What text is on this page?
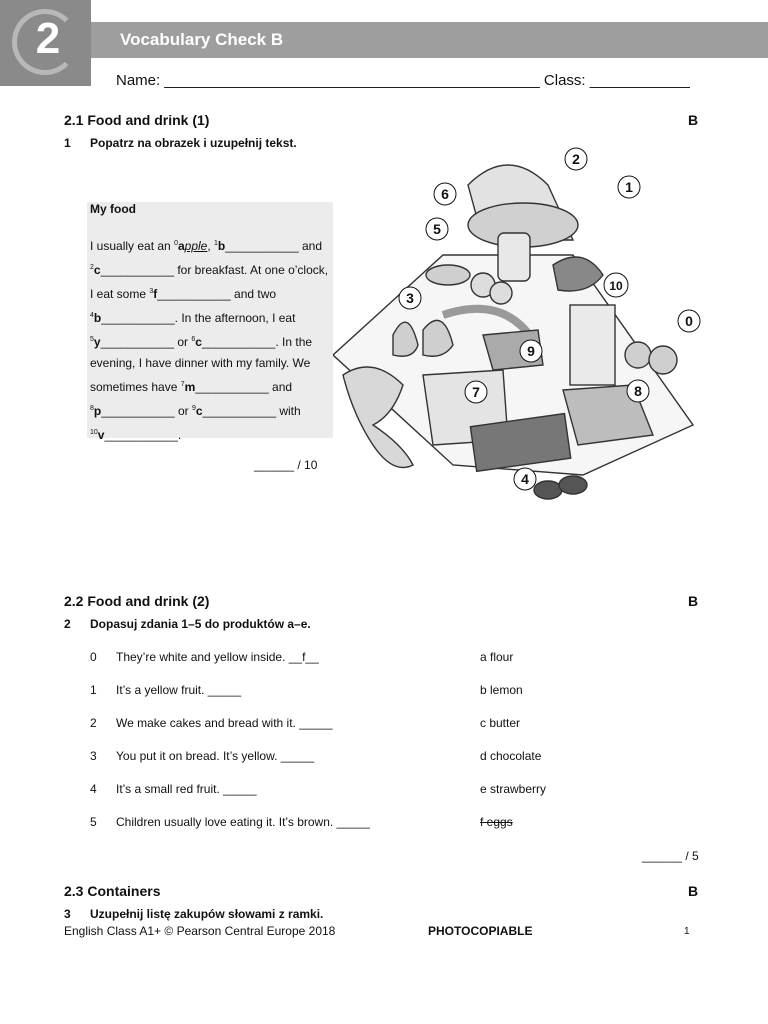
2	Vocabulary Check B
Name: _____________________________________________ Class: ____________
2.1 Food and drink (1)	B
1 Popatrz na obrazek i uzupełnij tekst.
My food
I usually eat an $^0$apple, $^1$b___________ and $^2$c___________ for breakfast. At one o’clock, I eat some $^3$f___________ and two $^4$b___________. In the afternoon, I eat $^5$y___________ or $^6$c___________. In the evening, I have dinner with my family. We sometimes have $^7$m___________ and $^8$p___________ or $^9$c___________ with $^{10}$v___________.
______ / 10
0
1
2
3
4
5
6
7	8
9
10
2.2 Food and drink (2)	B
2 Dopasuj zdania 1–5 do produktów a–e.
0 They’re white and yellow inside. __f__	a flour
1 It’s a yellow fruit. _____	b lemon
2 We make cakes and bread with it. _____	c butter
3 You put it on bread. It’s yellow. _____	d chocolate
4 It’s a small red fruit. _____	e strawberry
5 Children usually love eating it. It’s brown. _____	f eggs
______ / 5
2.3 Containers	B
3 Uzupełnij listę zakupów słowami z ramki.
English Class A1+ © Pearson Central Europe 2018	PHOTOCOPIABLE	1
